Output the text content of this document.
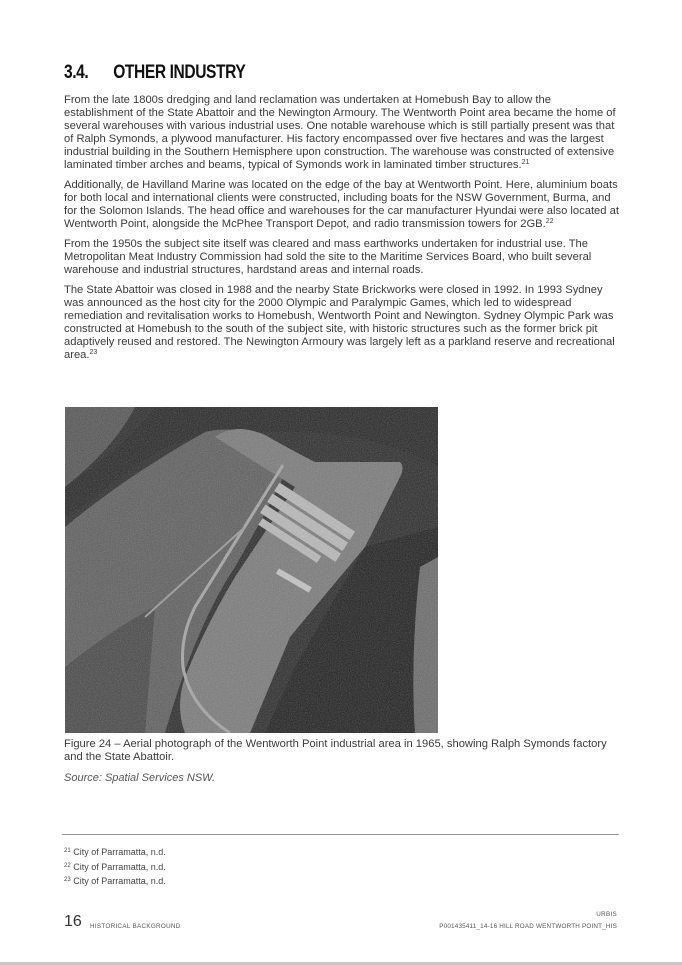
3.4. OTHER INDUSTRY

From the late 1800s dredging and land reclamation was undertaken at Homebush Bay to allow the establishment of the State Abattoir and the Newington Armoury. The Wentworth Point area became the home of several warehouses with various industrial uses. One notable warehouse which is still partially present was that of Ralph Symonds, a plywood manufacturer. His factory encompassed over five hectares and was the largest industrial building in the Southern Hemisphere upon construction. The warehouse was constructed of extensive laminated timber arches and beams, typical of Symonds work in laminated timber structures.$^{21}$

Additionally, de Havilland Marine was located on the edge of the bay at Wentworth Point. Here, aluminium boats for both local and international clients were constructed, including boats for the NSW Government, Burma, and for the Solomon Islands. The head office and warehouses for the car manufacturer Hyundai were also located at Wentworth Point, alongside the McPhee Transport Depot, and radio transmission towers for 2GB.$^{22}$

From the 1950s the subject site itself was cleared and mass earthworks undertaken for industrial use. The Metropolitan Meat Industry Commission had sold the site to the Maritime Services Board, who built several warehouse and industrial structures, hardstand areas and internal roads.

The State Abattoir was closed in 1988 and the nearby State Brickworks were closed in 1992. In 1993 Sydney was announced as the host city for the 2000 Olympic and Paralympic Games, which led to widespread remediation and revitalisation works to Homebush, Wentworth Point and Newington. Sydney Olympic Park was constructed at Homebush to the south of the subject site, with historic structures such as the former brick pit adaptively reused and restored. The Newington Armoury was largely left as a parkland reserve and recreational area.$^{23}$

Figure 24 – Aerial photograph of the Wentworth Point industrial area in 1965, showing Ralph Symonds factory and the State Abattoir.
Source: Spatial Services NSW.
$^{21}$ City of Parramatta, n.d.
$^{22}$ City of Parramatta, n.d.
$^{23}$ City of Parramatta, n.d.
16 HISTORICAL BACKGROUND
URBIS
P001435411_14-16 HILL ROAD WENTWORTH POINT_HIS
